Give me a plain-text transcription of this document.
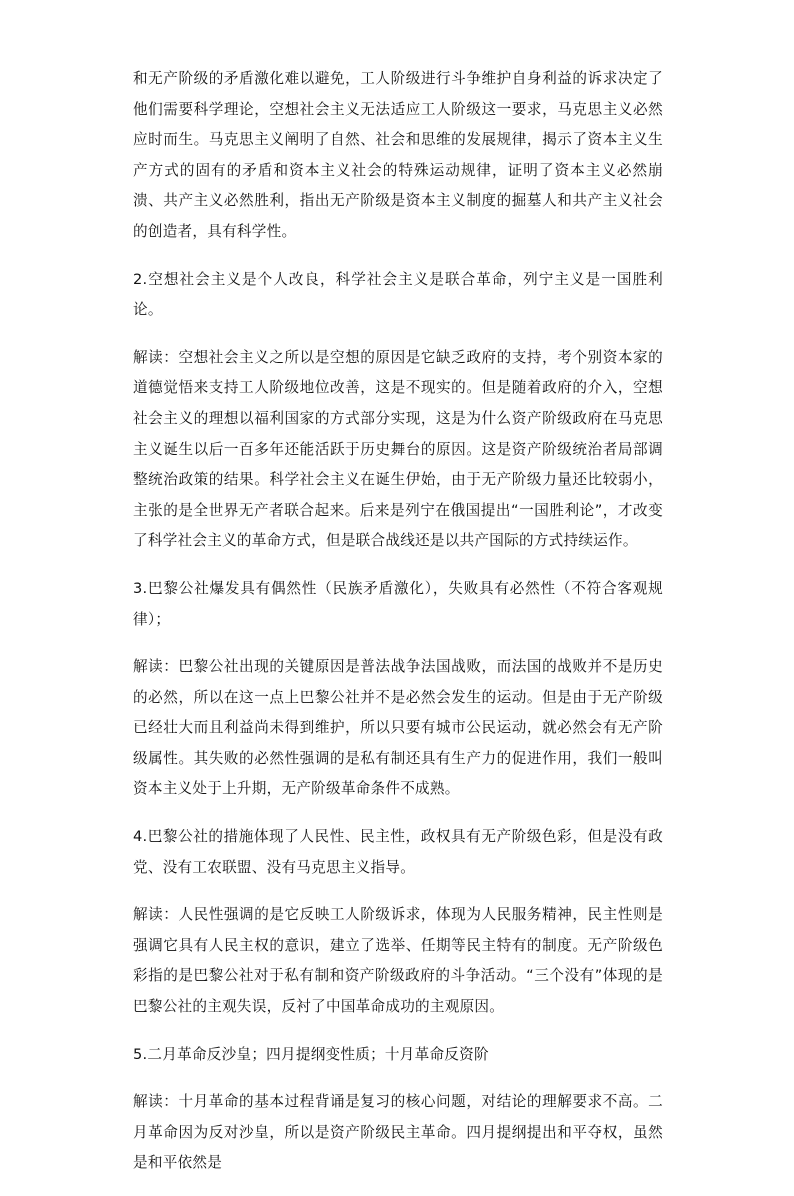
和无产阶级的矛盾激化难以避免，工人阶级进行斗争维护自身利益的诉求决定了他们需要科学理论，空想社会主义无法适应工人阶级这一要求，马克思主义必然应时而生。马克思主义阐明了自然、社会和思维的发展规律，揭示了资本主义生产方式的固有的矛盾和资本主义社会的特殊运动规律，证明了资本主义必然崩溃、共产主义必然胜利，指出无产阶级是资本主义制度的掘墓人和共产主义社会的创造者，具有科学性。

2.空想社会主义是个人改良，科学社会主义是联合革命，列宁主义是一国胜利论。

解读：空想社会主义之所以是空想的原因是它缺乏政府的支持，考个别资本家的道德觉悟来支持工人阶级地位改善，这是不现实的。但是随着政府的介入，空想社会主义的理想以福利国家的方式部分实现，这是为什么资产阶级政府在马克思主义诞生以后一百多年还能活跃于历史舞台的原因。这是资产阶级统治者局部调整统治政策的结果。科学社会主义在诞生伊始，由于无产阶级力量还比较弱小，主张的是全世界无产者联合起来。后来是列宁在俄国提出“一国胜利论”，才改变了科学社会主义的革命方式，但是联合战线还是以共产国际的方式持续运作。

3.巴黎公社爆发具有偶然性（民族矛盾激化），失败具有必然性（不符合客观规律）；

解读：巴黎公社出现的关键原因是普法战争法国战败，而法国的战败并不是历史的必然，所以在这一点上巴黎公社并不是必然会发生的运动。但是由于无产阶级已经壮大而且利益尚未得到维护，所以只要有城市公民运动，就必然会有无产阶级属性。其失败的必然性强调的是私有制还具有生产力的促进作用，我们一般叫资本主义处于上升期，无产阶级革命条件不成熟。

4.巴黎公社的措施体现了人民性、民主性，政权具有无产阶级色彩，但是没有政党、没有工农联盟、没有马克思主义指导。

解读：人民性强调的是它反映工人阶级诉求，体现为人民服务精神，民主性则是强调它具有人民主权的意识，建立了选举、任期等民主特有的制度。无产阶级色彩指的是巴黎公社对于私有制和资产阶级政府的斗争活动。“三个没有”体现的是巴黎公社的主观失误，反衬了中国革命成功的主观原因。

5.二月革命反沙皇；四月提纲变性质；十月革命反资阶

解读：十月革命的基本过程背诵是复习的核心问题，对结论的理解要求不高。二月革命因为反对沙皇，所以是资产阶级民主革命。四月提纲提出和平夺权，虽然是和平依然是
